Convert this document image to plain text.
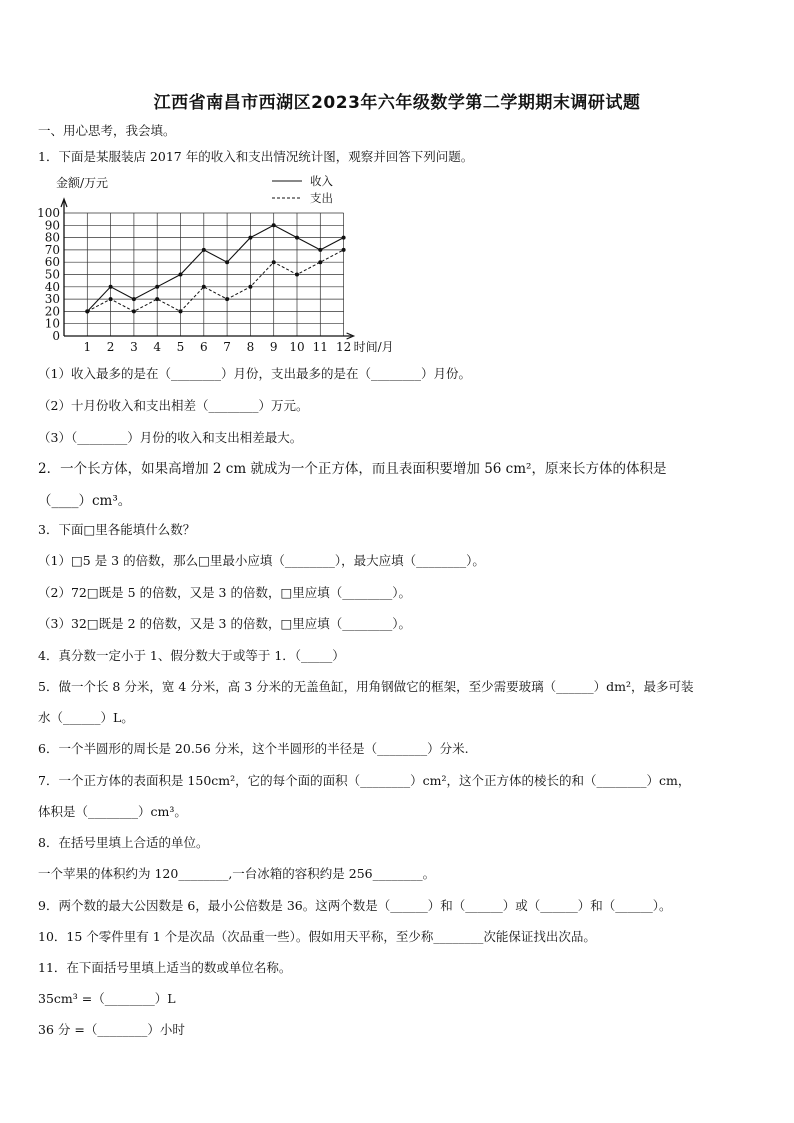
江西省南昌市西湖区2023年六年级数学第二学期期末调研试题
一、用心思考，我会填。
1．下面是某服装店 2017 年的收入和支出情况统计图，观察并回答下列问题。
0
10
20
30
40
50
60
70
80
90
100
1 2 3 4 5 6 7 8 9 10 11 12
金额/万元
时间/月
收入
支出
（1）收入最多的是在（________）月份，支出最多的是在（________）月份。
（2）十月份收入和支出相差（________）万元。
（3）（________）月份的收入和支出相差最大。
2．一个长方体，如果高增加 2 cm 就成为一个正方体，而且表面积要增加 56 cm²，原来长方体的体积是
（____）cm³。
3．下面□里各能填什么数？
（1）□5 是 3 的倍数，那么□里最小应填（________），最大应填（________）。
（2）72□既是 5 的倍数，又是 3 的倍数，□里应填（________）。
（3）32□既是 2 的倍数，又是 3 的倍数，□里应填（________）。
4．真分数一定小于 1、假分数大于或等于 1．（_____）
5．做一个长 8 分米，宽 4 分米，高 3 分米的无盖鱼缸，用角钢做它的框架，至少需要玻璃（______）dm²，最多可装
水（______）L。
6．一个半圆形的周长是 20.56 分米，这个半圆形的半径是（________）分米.
7．一个正方体的表面积是 150cm²，它的每个面的面积（________）cm²，这个正方体的棱长的和（________）cm，
体积是（________）cm³。
8．在括号里填上合适的单位。
一个苹果的体积约为 120________,一台冰箱的容积约是 256________。
9．两个数的最大公因数是 6，最小公倍数是 36。这两个数是（______）和（______）或（______）和（______）。
10．15 个零件里有 1 个是次品（次品重一些）。假如用天平称，至少称________次能保证找出次品。
11．在下面括号里填上适当的数或单位名称。
35cm³ =（________）L
36 分 =（________）小时
